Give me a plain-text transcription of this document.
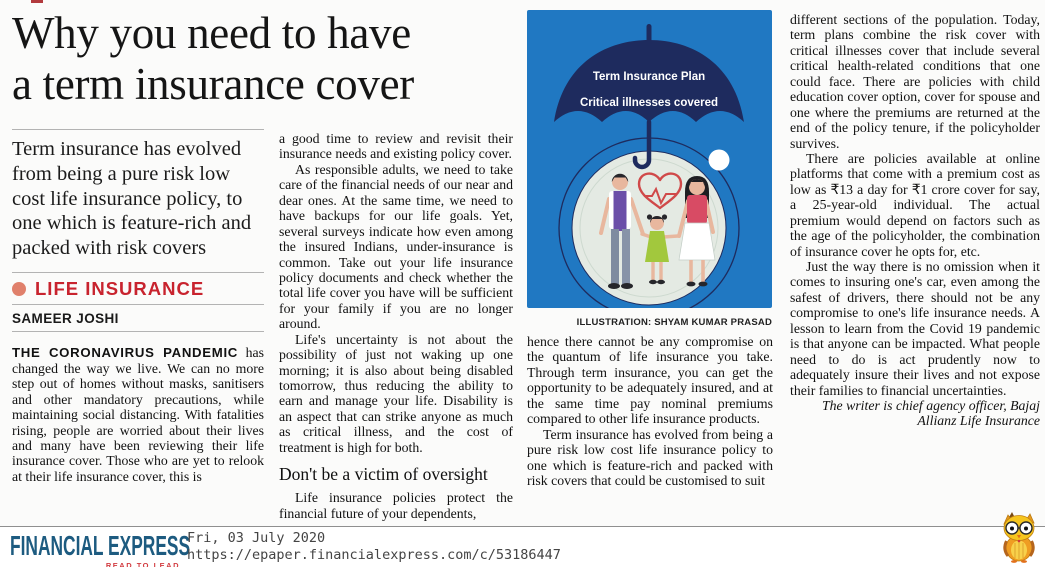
Why you need to have
a term insurance cover
Term insurance has evolved from being a pure risk low cost life insurance policy, to one which is feature-rich and packed with risk covers
LIFE INSURANCE
SAMEER JOSHI

THE CORONAVIRUS PANDEMIC has changed the way we live. We can no more step out of homes without masks, sanitisers and other mandatory precautions, while maintaining social distancing. With fatalities rising, people are worried about their lives and many have been reviewing their life insurance cover. Those who are yet to relook at their life insurance cover, this is

a good time to review and revisit their insurance needs and existing policy cover.

As responsible adults, we need to take care of the financial needs of our near and dear ones. At the same time, we need to have backups for our life goals. Yet, several surveys indicate how even among the insured Indians, under-insurance is common. Take out your life insurance policy documents and check whether the total life cover you have will be sufficient for your family if you are no longer around.

Life's uncertainty is not about the possibility of just not waking up one morning; it is also about being disabled tomorrow, thus reducing the ability to earn and manage your life. Disability is an aspect that can strike anyone as much as critical illness, and the cost of treatment is high for both.

Don't be a victim of oversight

Life insurance policies protect the financial future of your dependents,

Term Insurance Plan
Critical illnesses covered
ILLUSTRATION: SHYAM KUMAR PRASAD

hence there cannot be any compromise on the quantum of life insurance you take. Through term insurance, you can get the opportunity to be adequately insured, and at the same time pay nominal premiums compared to other life insurance products.

Term insurance has evolved from being a pure risk low cost life insurance policy to one which is feature-rich and packed with risk covers that could be customised to suit

different sections of the population. Today, term plans combine the risk cover with critical illnesses cover that include several critical health-related conditions that one could face. There are policies with child education cover option, cover for spouse and one where the premiums are returned at the end of the policy tenure, if the policyholder survives.

There are policies available at online platforms that come with a premium cost as low as ₹13 a day for ₹1 crore cover for say, a 25-year-old individual. The actual premium would depend on factors such as the age of the policyholder, the combination of insurance cover he opts for, etc.

Just the way there is no omission when it comes to insuring one's car, even among the safest of drivers, there should not be any compromise to one's life insurance needs. A lesson to learn from the Covid 19 pandemic is that anyone can be impacted. What people need to do is act prudently now to adequately insure their lives and not expose their families to financial uncertainties.

The writer is chief agency officer, Bajaj Allianz Life Insurance

FINANCIAL EXPRESS
READ TO LEAD
Fri, 03 July 2020
https://epaper.financialexpress.com/c/53186447
